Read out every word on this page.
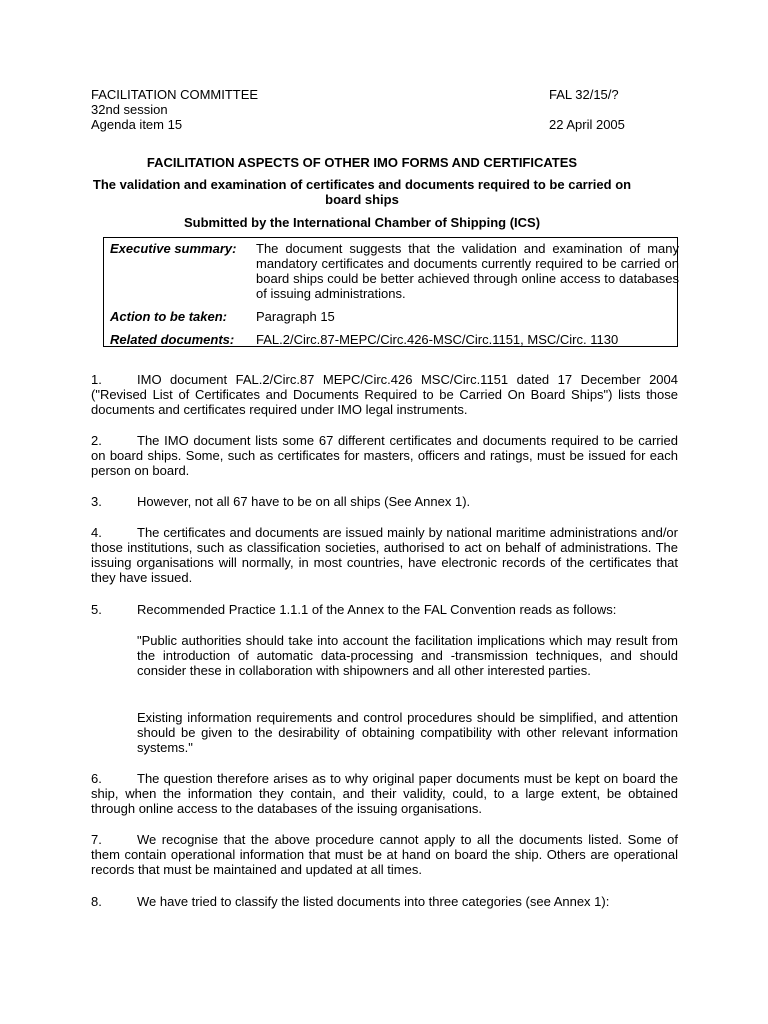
FACILITATION COMMITTEE	FAL 32/15/?
32nd session
Agenda item 15	22 April 2005
FACILITATION ASPECTS OF OTHER IMO FORMS AND CERTIFICATES
The validation and examination of certificates and documents required to be carried on board ships
Submitted by the International Chamber of Shipping (ICS)
Executive summary: The document suggests that the validation and examination of many mandatory certificates and documents currently required to be carried on board ships could be better achieved through online access to databases of issuing administrations.
Action to be taken: Paragraph 15
Related documents: FAL.2/Circ.87-MEPC/Circ.426-MSC/Circ.1151, MSC/Circ. 1130
1.	IMO document FAL.2/Circ.87 MEPC/Circ.426 MSC/Circ.1151 dated 17 December 2004 ("Revised List of Certificates and Documents Required to be Carried On Board Ships") lists those documents and certificates required under IMO legal instruments.
2.	The IMO document lists some 67 different certificates and documents required to be carried on board ships. Some, such as certificates for masters, officers and ratings, must be issued for each person on board.
3.	However, not all 67 have to be on all ships (See Annex 1).
4.	The certificates and documents are issued mainly by national maritime administrations and/or those institutions, such as classification societies, authorised to act on behalf of administrations. The issuing organisations will normally, in most countries, have electronic records of the certificates that they have issued.
5.	Recommended Practice 1.1.1 of the Annex to the FAL Convention reads as follows:
"Public authorities should take into account the facilitation implications which may result from the introduction of automatic data-processing and -transmission techniques, and should consider these in collaboration with shipowners and all other interested parties.
Existing information requirements and control procedures should be simplified, and attention should be given to the desirability of obtaining compatibility with other relevant information systems."
6.	The question therefore arises as to why original paper documents must be kept on board the ship, when the information they contain, and their validity, could, to a large extent, be obtained through online access to the databases of the issuing organisations.
7.	We recognise that the above procedure cannot apply to all the documents listed. Some of them contain operational information that must be at hand on board the ship. Others are operational records that must be maintained and updated at all times.
8.	We have tried to classify the listed documents into three categories (see Annex 1):
